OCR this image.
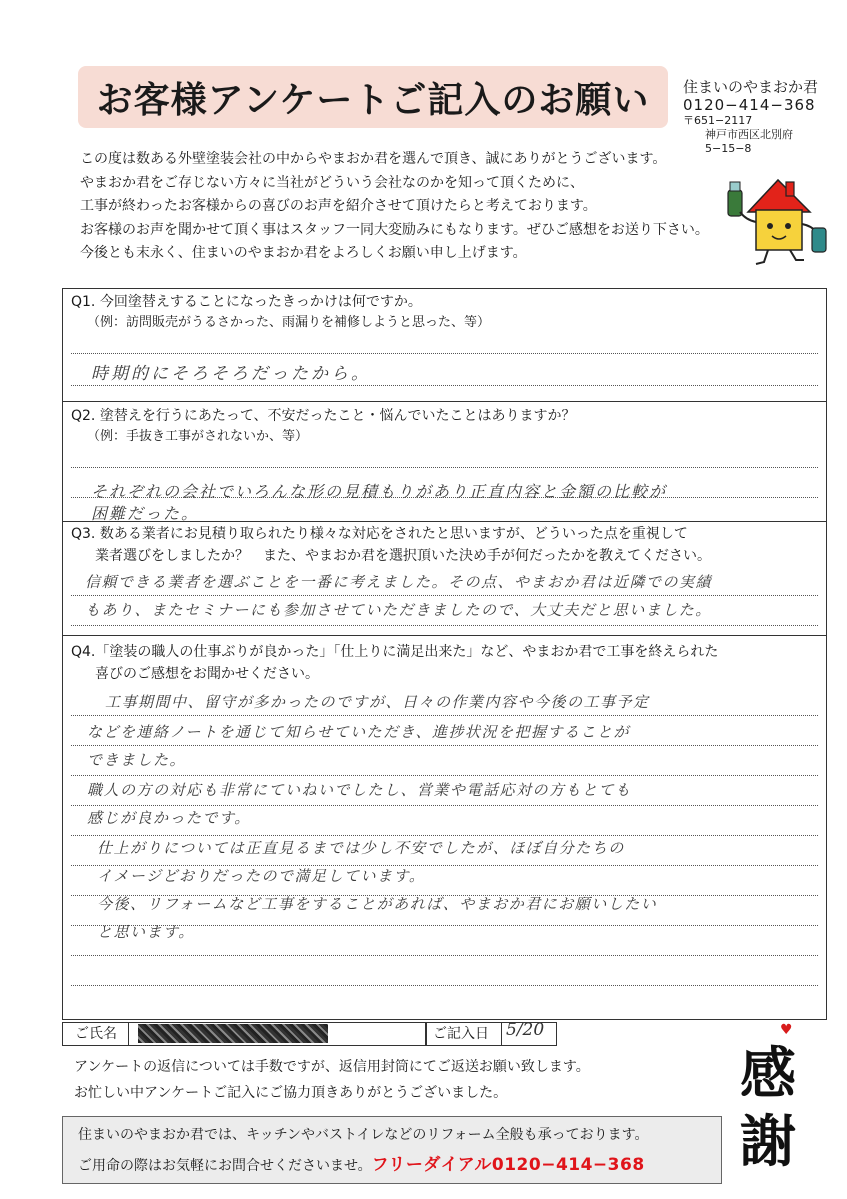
お客様アンケートご記入のお願い 住まいのやまおか君
0120−414−368
〒651−2117
神戸市西区北別府
5−15−8
この度は数ある外壁塗装会社の中からやまおか君を選んで頂き、誠にありがとうございます。
やまおか君をご存じない方々に当社がどういう会社なのかを知って頂くために、
工事が終わったお客様からの喜びのお声を紹介させて頂けたらと考えております。
お客様のお声を聞かせて頂く事はスタッフ一同大変励みにもなります。ぜひご感想をお送り下さい。
今後とも末永く、住まいのやまおか君をよろしくお願い申し上げます。
Q1. 今回塗替えすることになったきっかけは何ですか。
（例：訪問販売がうるさかった、雨漏りを補修しようと思った、等）
時期的にそろそろだったから。
Q2. 塗替えを行うにあたって、不安だったこと・悩んでいたことはありますか？
（例：手抜き工事がされないか、等）
それぞれの会社でいろんな形の見積もりがあり正直内容と金額の比較が
困難だった。
Q3. 数ある業者にお見積り取られたり様々な対応をされたと思いますが、どういった点を重視して
業者選びをしましたか？　また、やまおか君を選択頂いた決め手が何だったかを教えてください。
信頼できる業者を選ぶことを一番に考えました。その点、やまおか君は近隣での実績
もあり、またセミナーにも参加させていただきましたので、大丈夫だと思いました。
Q4.「塗装の職人の仕事ぶりが良かった」「仕上りに満足出来た」など、やまおか君で工事を終えられた
喜びのご感想をお聞かせください。
工事期間中、留守が多かったのですが、日々の作業内容や今後の工事予定
などを連絡ノートを通じて知らせていただき、進捗状況を把握することが
できました。
職人の方の対応も非常にていねいでしたし、営業や電話応対の方もとても
感じが良かったです。
仕上がりについては正直見るまでは少し不安でしたが、ほぼ自分たちの
イメージどおりだったので満足しています。
今後、リフォームなど工事をすることがあれば、やまおか君にお願いしたい
と思います。
ご氏名	ご記入日	5/20
アンケートの返信については手数ですが、返信用封筒にてご返送お願い致します。
お忙しい中アンケートご記入にご協力頂きありがとうございました。
♥
感
謝
住まいのやまおか君では、キッチンやバストイレなどのリフォーム全般も承っております。
ご用命の際はお気軽にお問合せくださいませ。フリーダイアル0120−414−368
